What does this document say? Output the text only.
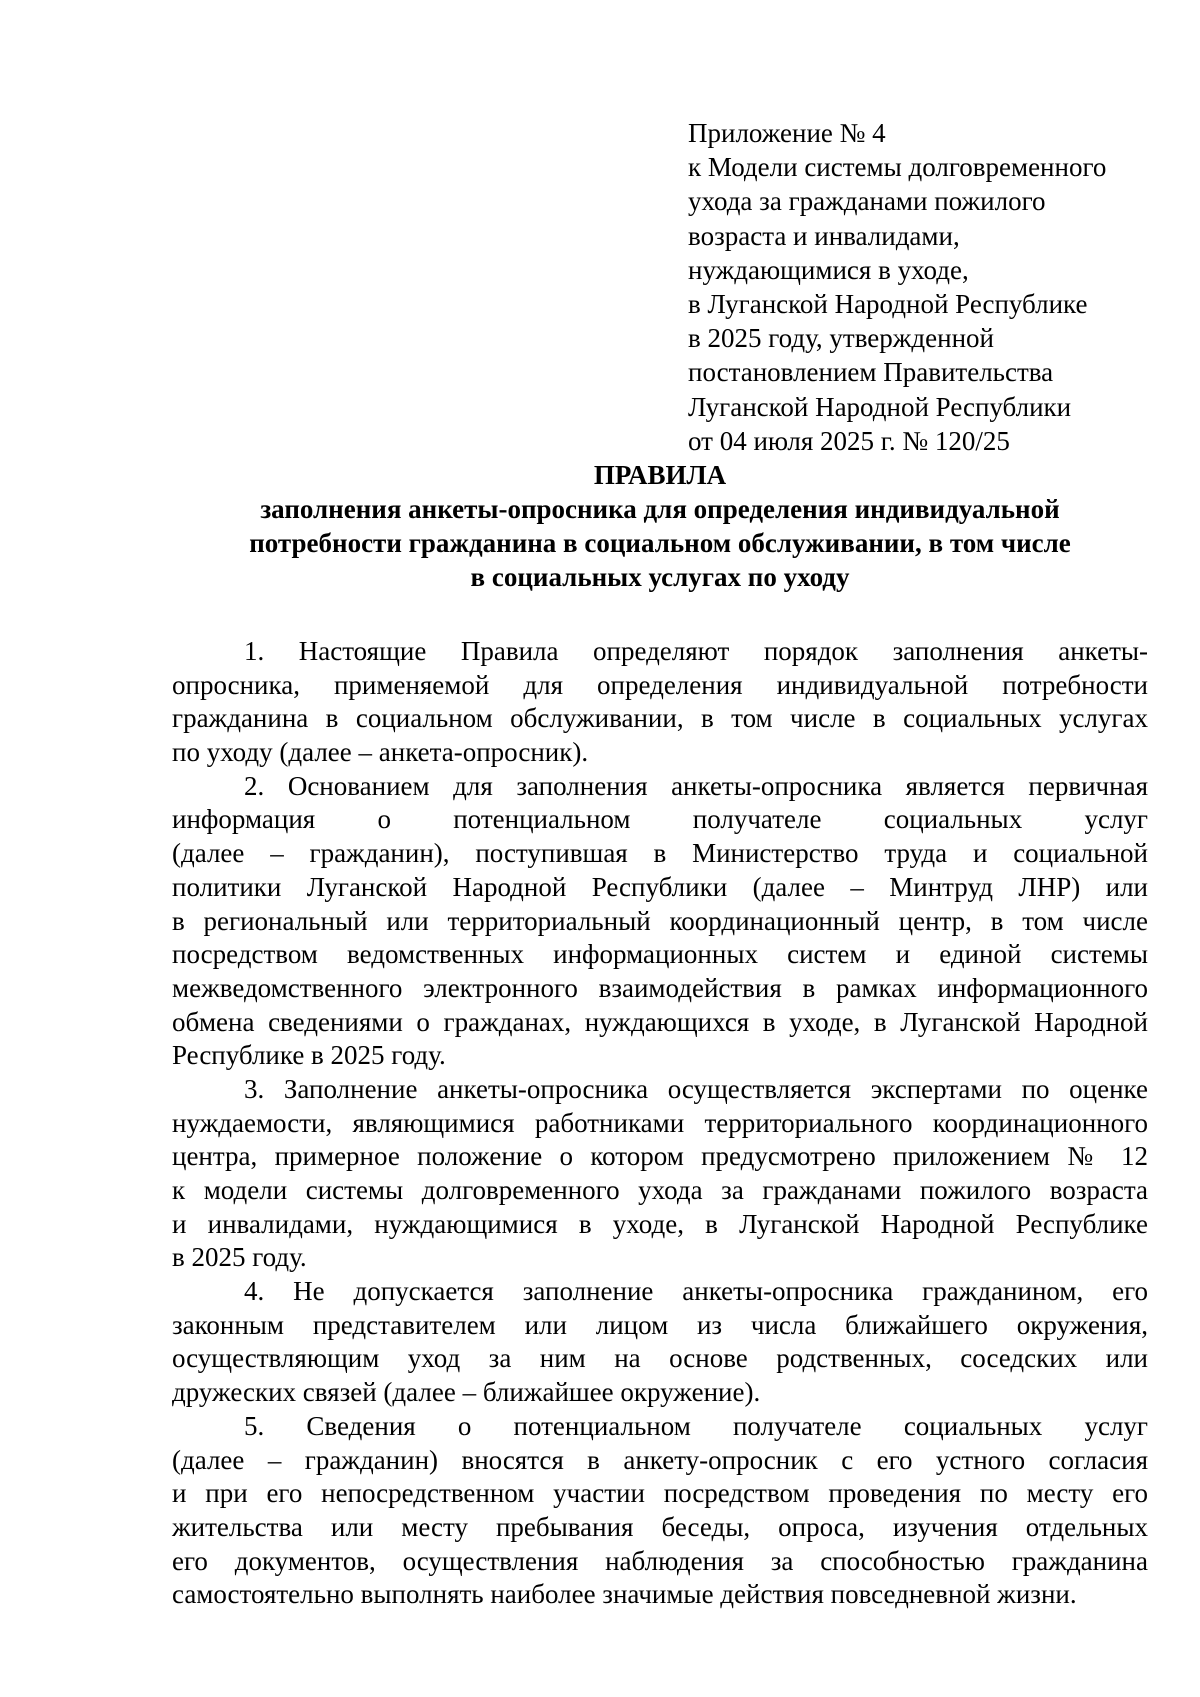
Приложение № 4
к Модели системы долговременного
ухода за гражданами пожилого
возраста и инвалидами,
нуждающимися в уходе,
в Луганской Народной Республике
в 2025 году, утвержденной
постановлением Правительства
Луганской Народной Республики
от 04 июля 2025 г. № 120/25
ПРАВИЛА
заполнения анкеты-опросника для определения индивидуальной
потребности гражданина в социальном обслуживании, в том числе
в социальных услугах по уходу
1. Настоящие Правила определяют порядок заполнения анкеты-
опросника, применяемой для определения индивидуальной потребности
гражданина в социальном обслуживании, в том числе в социальных услугах
по уходу (далее – анкета-опросник).
2. Основанием для заполнения анкеты-опросника является первичная
информация о потенциальном получателе социальных услуг
(далее – гражданин), поступившая в Министерство труда и социальной
политики Луганской Народной Республики (далее – Минтруд ЛНР) или
в региональный или территориальный координационный центр, в том числе
посредством ведомственных информационных систем и единой системы
межведомственного электронного взаимодействия в рамках информационного
обмена сведениями о гражданах, нуждающихся в уходе, в Луганской Народной
Республике в 2025 году.
3. Заполнение анкеты-опросника осуществляется экспертами по оценке
нуждаемости, являющимися работниками территориального координационного
центра, примерное положение о котором предусмотрено приложением № 12
к модели системы долговременного ухода за гражданами пожилого возраста
и инвалидами, нуждающимися в уходе, в Луганской Народной Республике
в 2025 году.
4. Не допускается заполнение анкеты-опросника гражданином, его
законным представителем или лицом из числа ближайшего окружения,
осуществляющим уход за ним на основе родственных, соседских или
дружеских связей (далее – ближайшее окружение).
5. Сведения о потенциальном получателе социальных услуг
(далее – гражданин) вносятся в анкету-опросник с его устного согласия
и при его непосредственном участии посредством проведения по месту его
жительства или месту пребывания беседы, опроса, изучения отдельных
его документов, осуществления наблюдения за способностью гражданина
самостоятельно выполнять наиболее значимые действия повседневной жизни.
